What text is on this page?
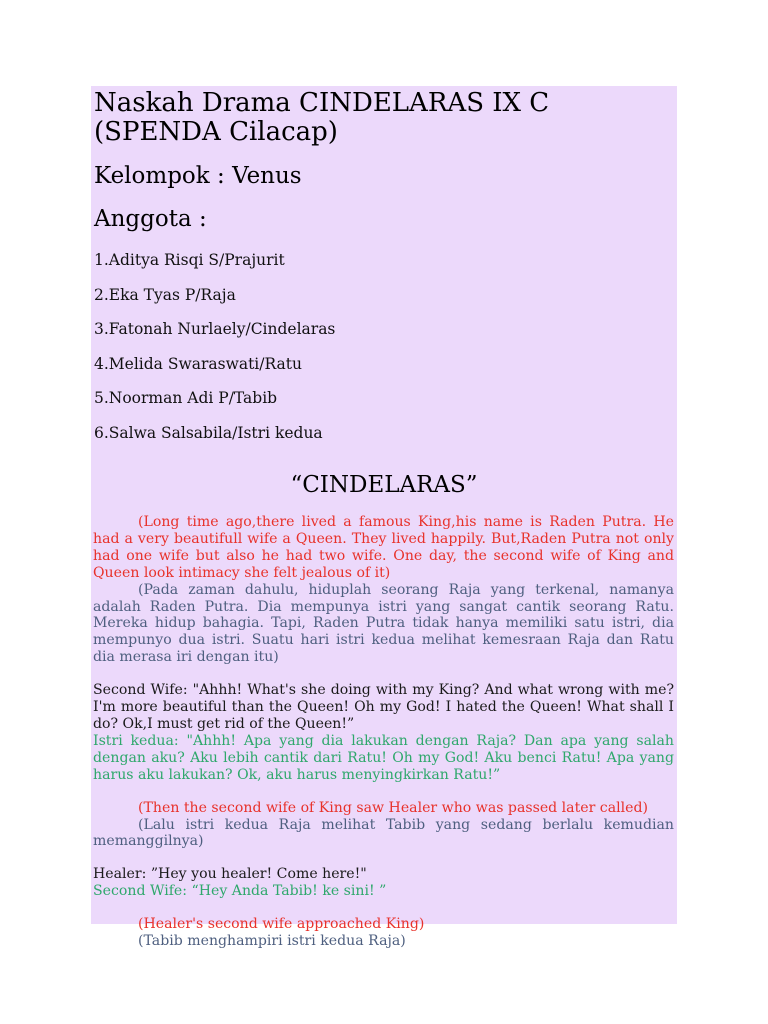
Naskah Drama CINDELARAS IX C (SPENDA Cilacap)
Kelompok : Venus
Anggota :
1.Aditya Risqi S/Prajurit
2.Eka Tyas P/Raja
3.Fatonah Nurlaely/Cindelaras
4.Melida Swaraswati/Ratu
5.Noorman Adi P/Tabib
6.Salwa Salsabila/Istri kedua
“CINDELARAS”

(Long time ago,there lived a famous King,his name is Raden Putra. He had a very beautifull wife a Queen. They lived happily. But,Raden Putra not only had one wife but also he had two wife. One day, the second wife of King and Queen look intimacy she felt jealous of it)

(Pada zaman dahulu, hiduplah seorang Raja yang terkenal, namanya adalah Raden Putra. Dia mempunya istri yang sangat cantik seorang Ratu. Mereka hidup bahagia. Tapi, Raden Putra tidak hanya memiliki satu istri, dia mempunyo dua istri. Suatu hari istri kedua melihat kemesraan Raja dan Ratu dia merasa iri dengan itu)

Second Wife: "Ahhh! What's she doing with my King? And what wrong with me? I'm more beautiful than the Queen! Oh my God! I hated the Queen! What shall I do? Ok,I must get rid of the Queen!”

Istri kedua: "Ahhh! Apa yang dia lakukan dengan Raja? Dan apa yang salah dengan aku? Aku lebih cantik dari Ratu! Oh my God! Aku benci Ratu! Apa yang harus aku lakukan? Ok, aku harus menyingkirkan Ratu!”

(Then the second wife of King saw Healer who was passed later called)

(Lalu istri kedua Raja melihat Tabib yang sedang berlalu kemudian memanggilnya)

Healer: ”Hey you healer! Come here!"

Second Wife: “Hey Anda Tabib! ke sini! ”

(Healer's second wife approached King)

(Tabib menghampiri istri kedua Raja)
